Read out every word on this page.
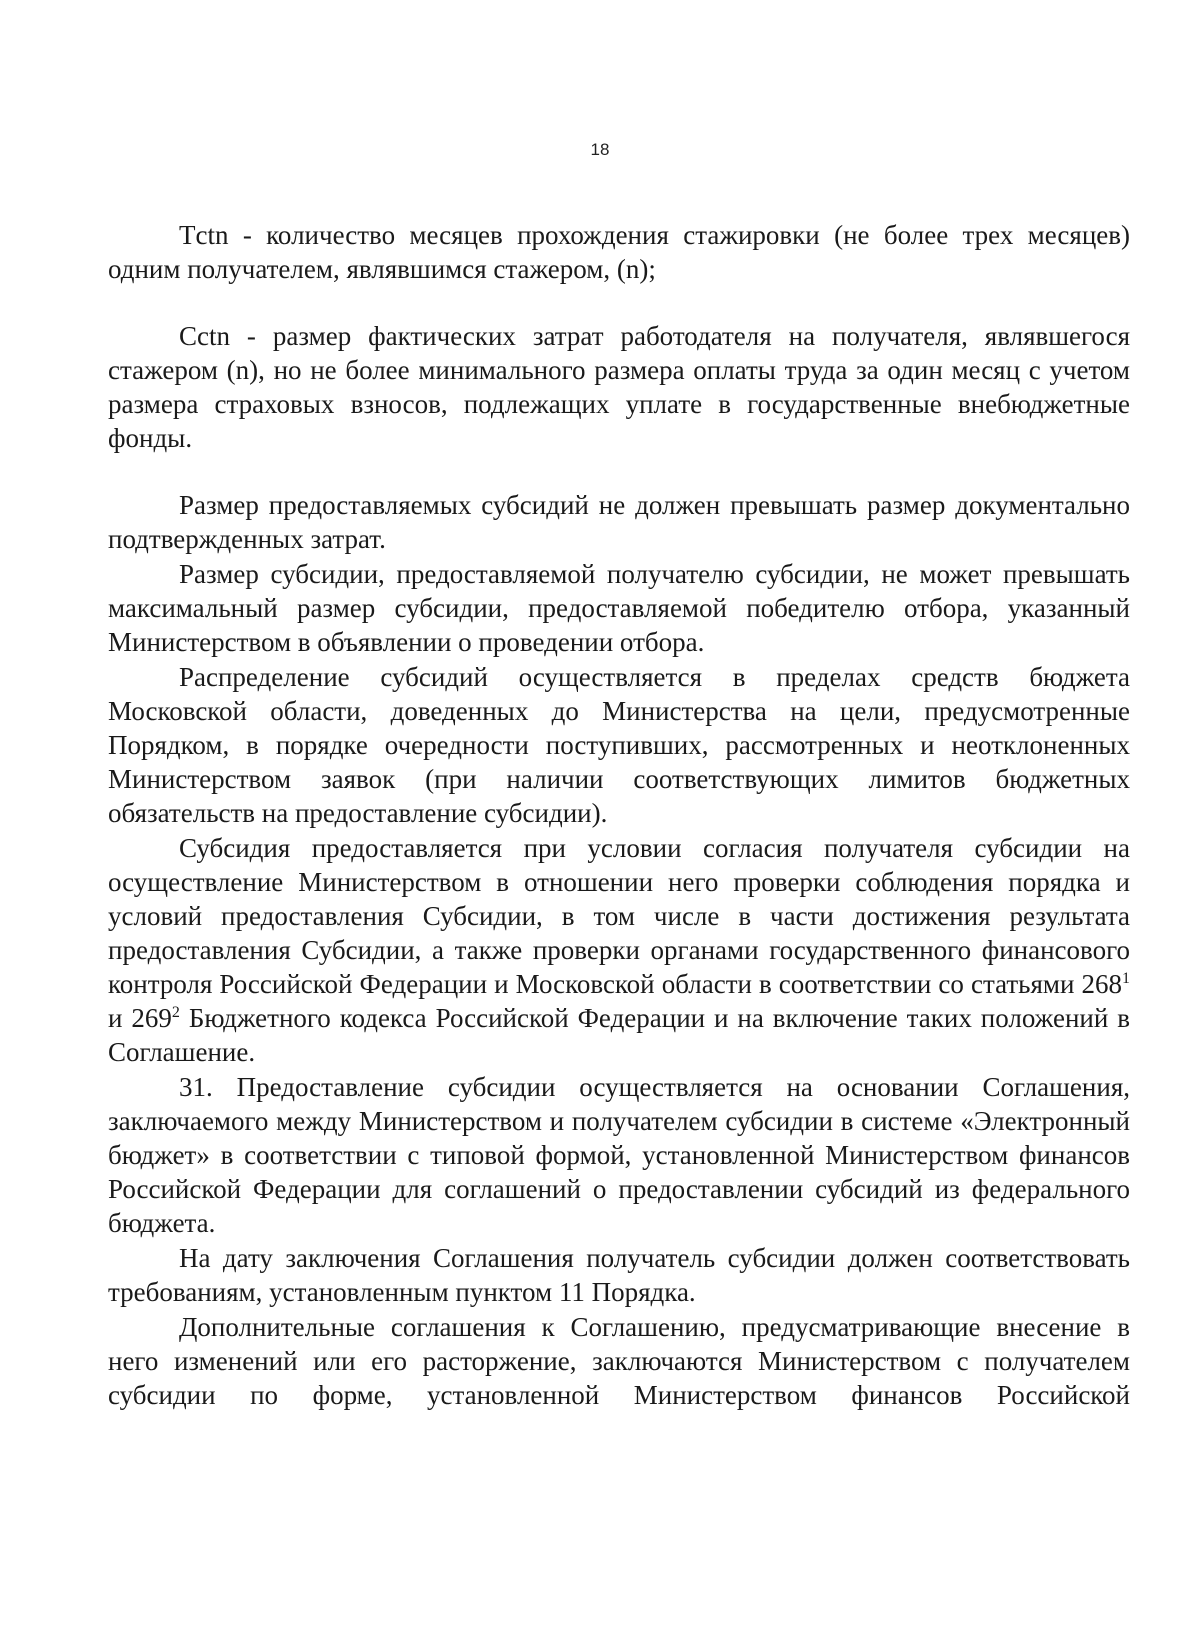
18

Тctn - количество месяцев прохождения стажировки (не более трех месяцев) одним получателем, являвшимся стажером, (n);

Cctn - размер фактических затрат работодателя на получателя, являвшегося стажером (n), но не более минимального размера оплаты труда за один месяц с учетом размера страховых взносов, подлежащих уплате в государственные внебюджетные фонды.

Размер предоставляемых субсидий не должен превышать размер документально подтвержденных затрат.

Размер субсидии, предоставляемой получателю субсидии, не может превышать максимальный размер субсидии, предоставляемой победителю отбора, указанный Министерством в объявлении о проведении отбора.

Распределение субсидий осуществляется в пределах средств бюджета Московской области, доведенных до Министерства на цели, предусмотренные Порядком, в порядке очередности поступивших, рассмотренных и неотклоненных Министерством заявок (при наличии соответствующих лимитов бюджетных обязательств на предоставление субсидии).

Субсидия предоставляется при условии согласия получателя субсидии на осуществление Министерством в отношении него проверки соблюдения порядка и условий предоставления Субсидии, в том числе в части достижения результата предоставления Субсидии, а также проверки органами государственного финансового контроля Российской Федерации и Московской области в соответствии со статьями $268^1$ и $269^2$ Бюджетного кодекса Российской Федерации и на включение таких положений в Соглашение.

31. Предоставление субсидии осуществляется на основании Соглашения, заключаемого между Министерством и получателем субсидии в системе «Электронный бюджет» в соответствии с типовой формой, установленной Министерством финансов Российской Федерации для соглашений о предоставлении субсидий из федерального бюджета.

На дату заключения Соглашения получатель субсидии должен соответствовать требованиям, установленным пунктом 11 Порядка.

Дополнительные соглашения к Соглашению, предусматривающие внесение в него изменений или его расторжение, заключаются Министерством с получателем субсидии по форме, установленной Министерством финансов Российской
